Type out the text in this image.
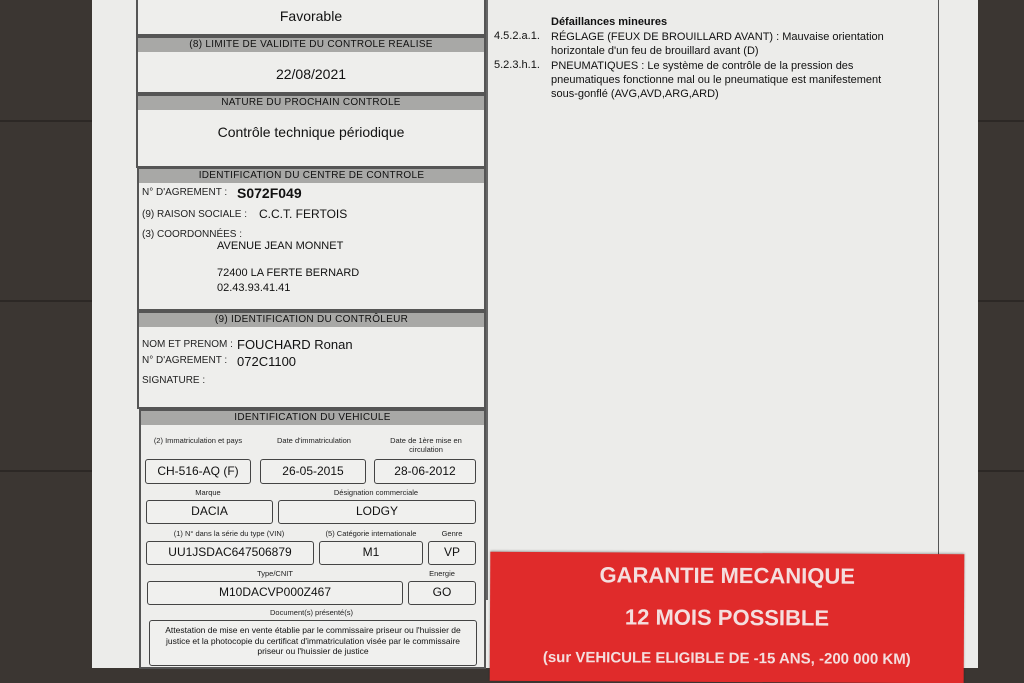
Favorable
(8) LIMITE DE VALIDITE DU CONTROLE REALISE
22/08/2021
NATURE DU PROCHAIN CONTROLE
Contrôle technique périodique
IDENTIFICATION DU CENTRE DE CONTROLE
N° D'AGREMENT : S072F049
(9) RAISON SOCIALE : C.C.T. FERTOIS
(3) COORDONNÉES :
AVENUE JEAN MONNET
72400 LA FERTE BERNARD
02.43.93.41.41
(9) IDENTIFICATION DU CONTRÔLEUR
NOM ET PRENOM : FOUCHARD Ronan
N° D'AGREMENT : 072C1100
SIGNATURE :
IDENTIFICATION DU VEHICULE
(2) Immatriculation et pays	Date d'immatriculation	Date de 1ère mise en circulation
CH-516-AQ (F)	26-05-2015	28-06-2012
Marque	Désignation commerciale
DACIA	LODGY
(1) N° dans la série du type (VIN)	(5) Catégorie internationale	Genre
UU1JSDAC647506879	M1	VP
Type/CNIT	Energie
M10DACVP000Z467	GO
Document(s) présenté(s)
Attestation de mise en vente établie par le commissaire priseur ou l'huissier de justice et la photocopie du certificat d'immatriculation visée par le commissaire priseur ou l'huissier de justice
Défaillances mineures
4.5.2.a.1. RÉGLAGE (FEUX DE BROUILLARD AVANT) : Mauvaise orientation horizontale d'un feu de brouillard avant (D)
5.2.3.h.1. PNEUMATIQUES : Le système de contrôle de la pression des pneumatiques fonctionne mal ou le pneumatique est manifestement sous-gonflé (AVG,AVD,ARG,ARD)
GARANTIE MECANIQUE
12 MOIS POSSIBLE
(sur VEHICULE ELIGIBLE DE -15 ANS, -200 000 KM)
